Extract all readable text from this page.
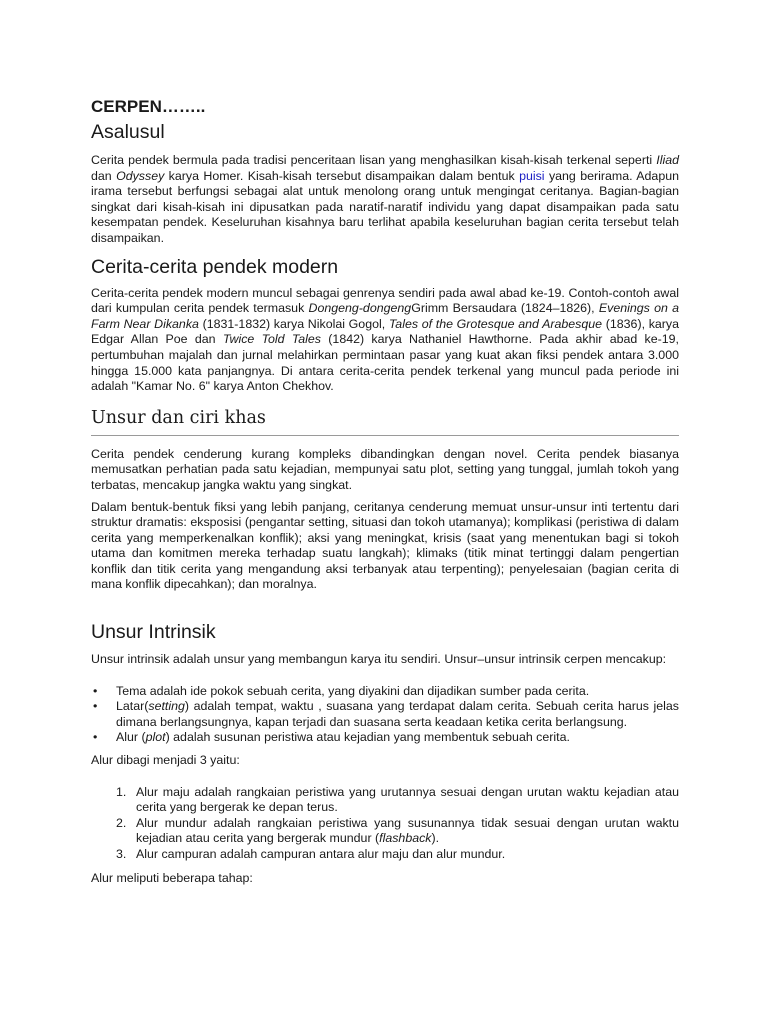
CERPEN……..
Asalusul

Cerita pendek bermula pada tradisi penceritaan lisan yang menghasilkan kisah-kisah terkenal seperti Iliad dan Odyssey karya Homer. Kisah-kisah tersebut disampaikan dalam bentuk puisi yang berirama. Adapun irama tersebut berfungsi sebagai alat untuk menolong orang untuk mengingat ceritanya. Bagian-bagian singkat dari kisah-kisah ini dipusatkan pada naratif-naratif individu yang dapat disampaikan pada satu kesempatan pendek. Keseluruhan kisahnya baru terlihat apabila keseluruhan bagian cerita tersebut telah disampaikan.

Cerita-cerita pendek modern

Cerita-cerita pendek modern muncul sebagai genrenya sendiri pada awal abad ke-19. Contoh-contoh awal dari kumpulan cerita pendek termasuk Dongeng-dongengGrimm Bersaudara (1824–1826), Evenings on a Farm Near Dikanka (1831-1832) karya Nikolai Gogol, Tales of the Grotesque and Arabesque (1836), karya Edgar Allan Poe dan Twice Told Tales (1842) karya Nathaniel Hawthorne. Pada akhir abad ke-19, pertumbuhan majalah dan jurnal melahirkan permintaan pasar yang kuat akan fiksi pendek antara 3.000 hingga 15.000 kata panjangnya. Di antara cerita-cerita pendek terkenal yang muncul pada periode ini adalah "Kamar No. 6" karya Anton Chekhov.

Unsur dan ciri khas

Cerita pendek cenderung kurang kompleks dibandingkan dengan novel. Cerita pendek biasanya memusatkan perhatian pada satu kejadian, mempunyai satu plot, setting yang tunggal, jumlah tokoh yang terbatas, mencakup jangka waktu yang singkat.

Dalam bentuk-bentuk fiksi yang lebih panjang, ceritanya cenderung memuat unsur-unsur inti tertentu dari struktur dramatis: eksposisi (pengantar setting, situasi dan tokoh utamanya); komplikasi (peristiwa di dalam cerita yang memperkenalkan konflik); aksi yang meningkat, krisis (saat yang menentukan bagi si tokoh utama dan komitmen mereka terhadap suatu langkah); klimaks (titik minat tertinggi dalam pengertian konflik dan titik cerita yang mengandung aksi terbanyak atau terpenting); penyelesaian (bagian cerita di mana konflik dipecahkan); dan moralnya.

Unsur Intrinsik

Unsur intrinsik adalah unsur yang membangun karya itu sendiri. Unsur–unsur intrinsik cerpen mencakup:

• Tema adalah ide pokok sebuah cerita, yang diyakini dan dijadikan sumber pada cerita.
• Latar(setting) adalah tempat, waktu , suasana yang terdapat dalam cerita. Sebuah cerita harus jelas dimana berlangsungnya, kapan terjadi dan suasana serta keadaan ketika cerita berlangsung.
• Alur (plot) adalah susunan peristiwa atau kejadian yang membentuk sebuah cerita.

Alur dibagi menjadi 3 yaitu:

1. Alur maju adalah rangkaian peristiwa yang urutannya sesuai dengan urutan waktu kejadian atau cerita yang bergerak ke depan terus.
2. Alur mundur adalah rangkaian peristiwa yang susunannya tidak sesuai dengan urutan waktu kejadian atau cerita yang bergerak mundur (flashback).
3. Alur campuran adalah campuran antara alur maju dan alur mundur.

Alur meliputi beberapa tahap:
